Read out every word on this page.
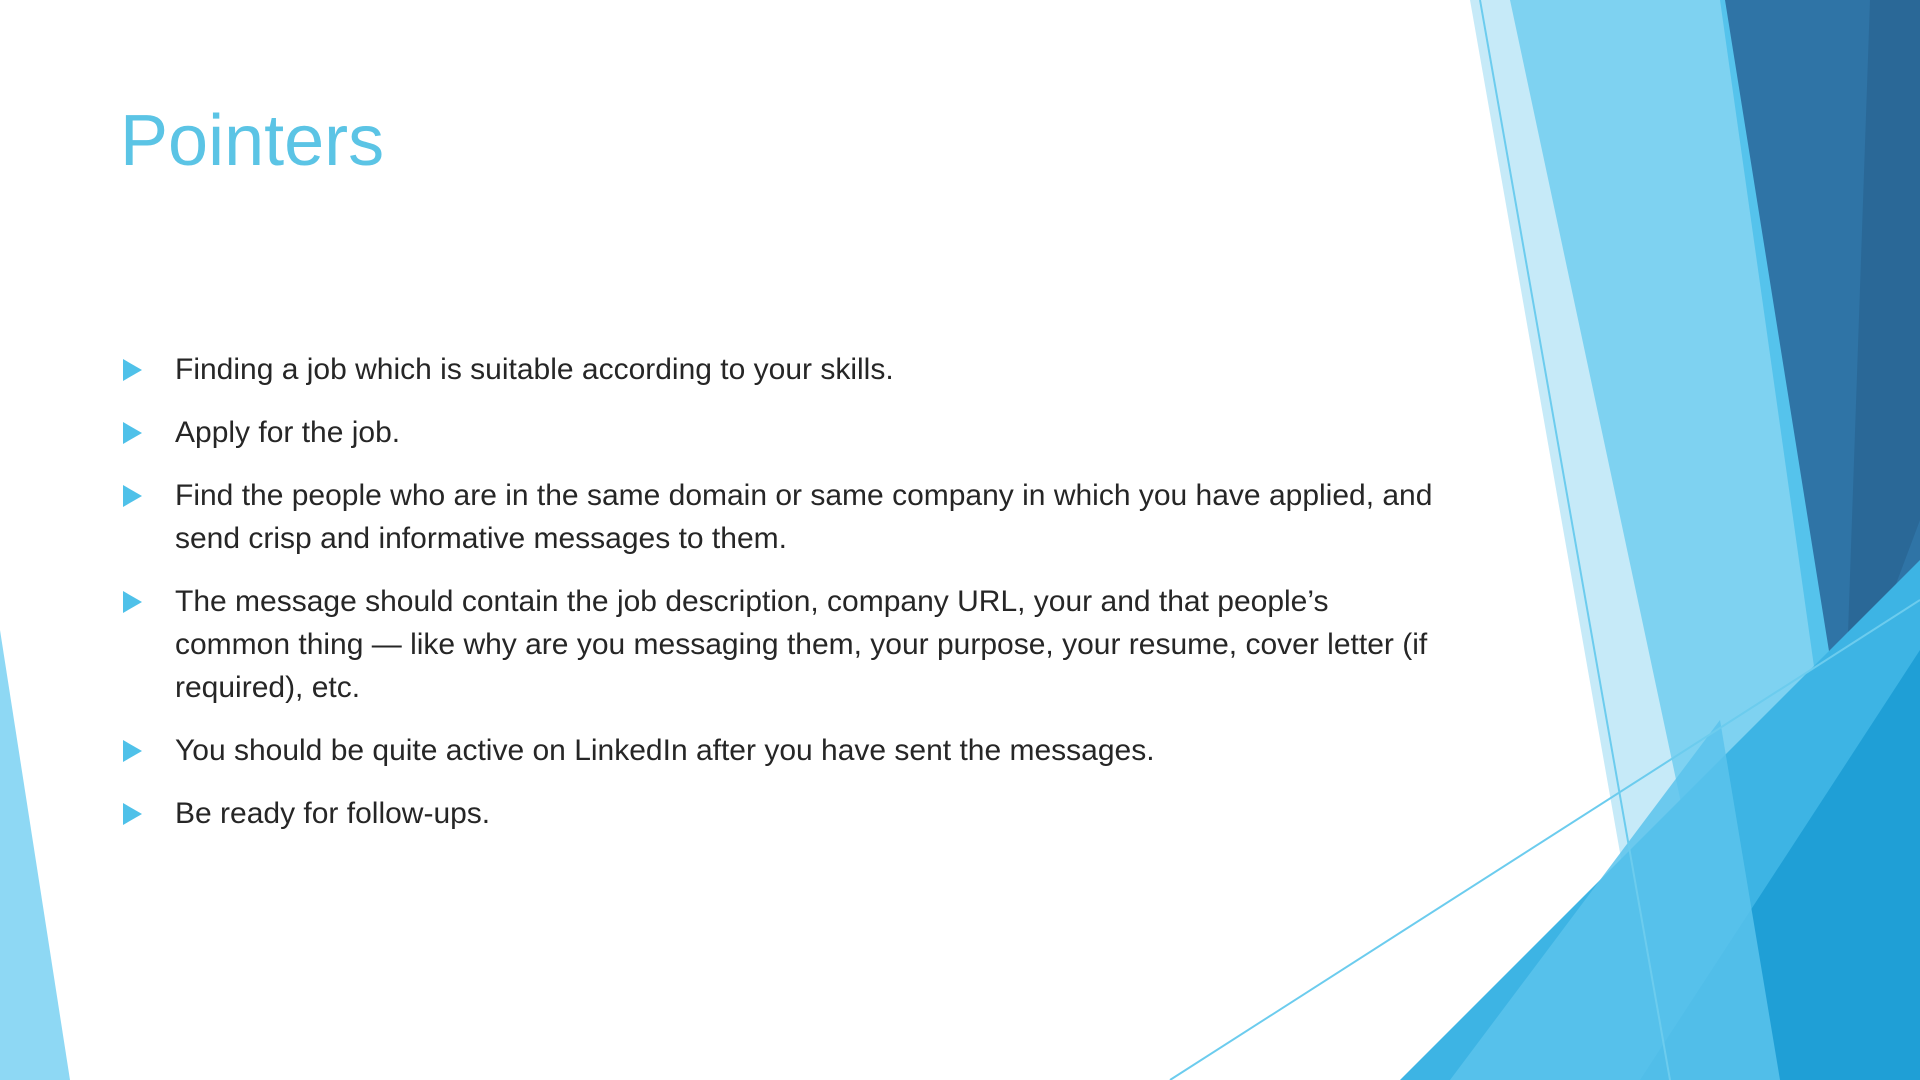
Pointers
Finding a job which is suitable according to your skills.
Apply for the job.
Find the people who are in the same domain or same company in which you have applied, and send crisp and informative messages to them.
The message should contain the job description, company URL, your and that people’s common thing — like why are you messaging them, your purpose, your resume, cover letter (if required), etc.
You should be quite active on LinkedIn after you have sent the messages.
Be ready for follow-ups.
